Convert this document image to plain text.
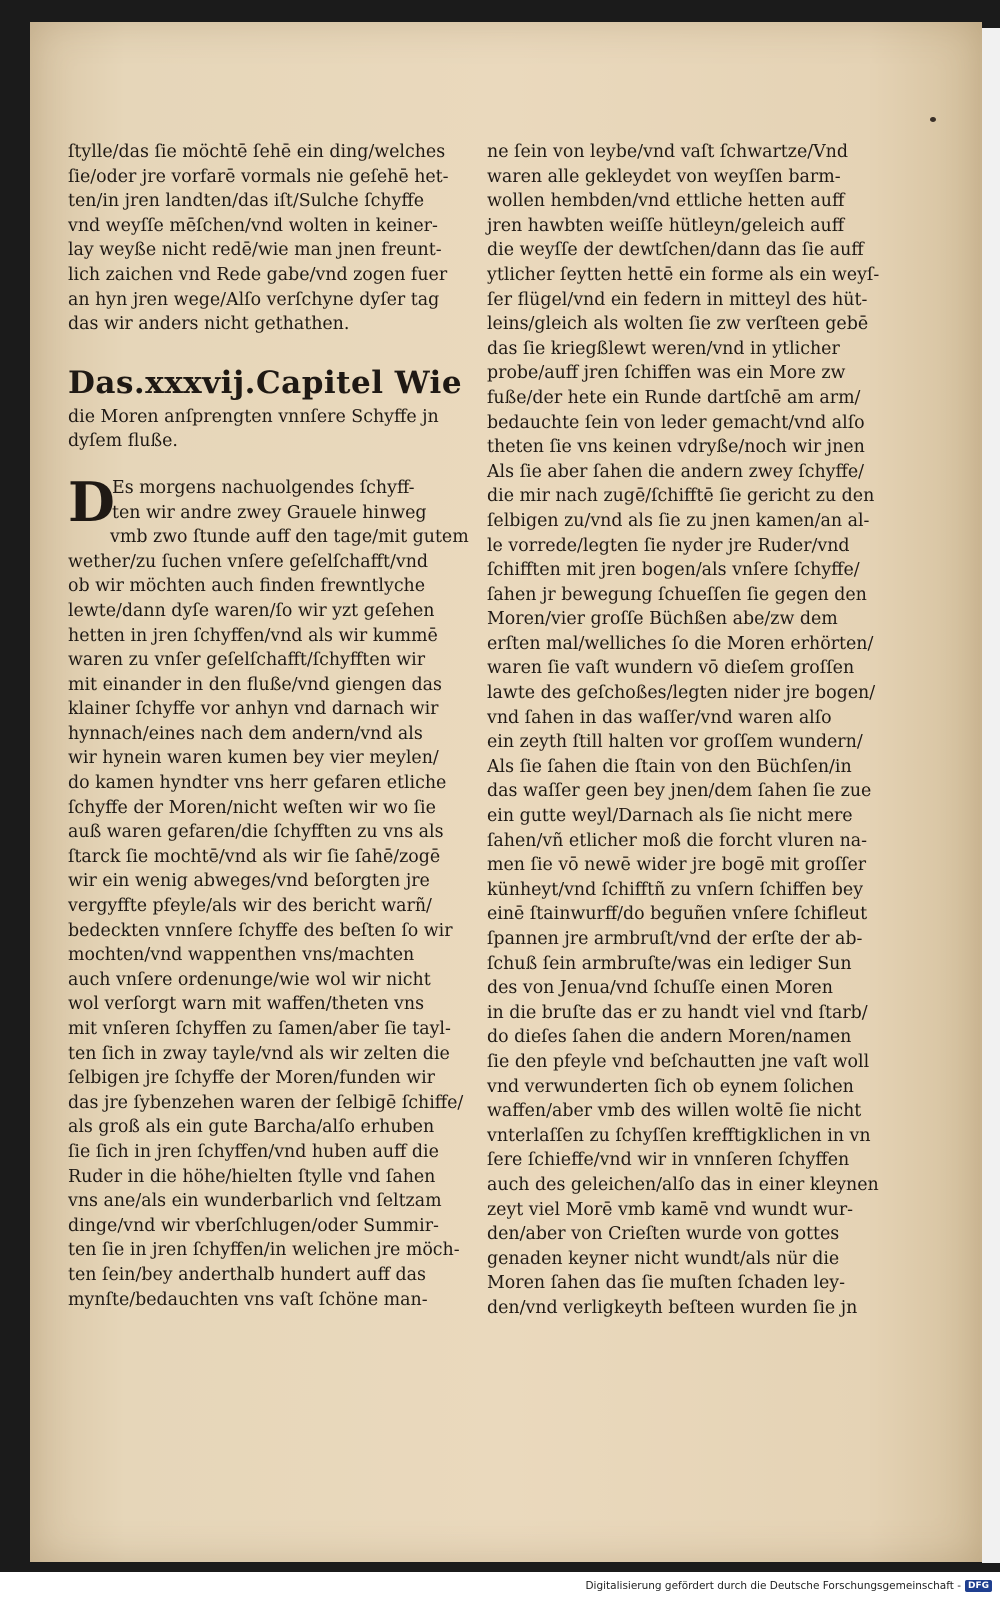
ſtylle/das ſie möchtē ſehē ein ding/welches
ſie/oder jre vorfarē vormals nie geſehē het-
ten/in jren landten/das iſt/Sulche ſchyffe
vnd weyſſe mēſchen/vnd wolten in keiner-
lay weyße nicht redē/wie man jnen freunt-
lich zaichen vnd Rede gabe/vnd zogen fuer
an hyn jren wege/Alſo verſchyne dyſer tag
das wir anders nicht gethathen.
Das.xxxvij.Capitel Wie
die Moren anſprengten vnnſere Schyffe jn
dyſem fluße.
D
Es morgens nachuolgendes ſchyff-
ten wir andre zwey Grauele hinweg
vmb zwo ſtunde auff den tage/mit gutem
wether/zu ſuchen vnſere geſelſchafft/vnd
ob wir möchten auch finden frewntlyche
lewte/dann dyſe waren/ſo wir yzt geſehen
hetten in jren ſchyffen/vnd als wir kummē
waren zu vnſer geſelſchafft/ſchyfften wir
mit einander in den fluße/vnd giengen das
klainer ſchyffe vor anhyn vnd darnach wir
hynnach/eines nach dem andern/vnd als
wir hynein waren kumen bey vier meylen/
do kamen hyndter vns herr gefaren etliche
ſchyffe der Moren/nicht weſten wir wo ſie
auß waren gefaren/die ſchyfften zu vns als
ſtarck ſie mochtē/vnd als wir ſie ſahē/zogē
wir ein wenig abweges/vnd beſorgten jre
vergyffte pfeyle/als wir des bericht warñ/
bedeckten vnnſere ſchyffe des beſten ſo wir
mochten/vnd wappenthen vns/machten
auch vnſere ordenunge/wie wol wir nicht
wol verſorgt warn mit waffen/theten vns
mit vnſeren ſchyffen zu ſamen/aber ſie tayl-
ten ſich in zway tayle/vnd als wir zelten die
ſelbigen jre ſchyffe der Moren/funden wir
das jre ſybenzehen waren der ſelbigē ſchiffe/
als groß als ein gute Barcha/alſo erhuben
ſie ſich in jren ſchyffen/vnd huben auff die
Ruder in die höhe/hielten ſtylle vnd ſahen
vns ane/als ein wunderbarlich vnd ſeltzam
dinge/vnd wir vberſchlugen/oder Summir-
ten ſie in jren ſchyffen/in welichen jre möch-
ten ſein/bey anderthalb hundert auff das
mynſte/bedauchten vns vaſt ſchöne man-
ne ſein von leybe/vnd vaſt ſchwartze/Vnd
waren alle gekleydet von weyſſen barm-
wollen hembden/vnd ettliche hetten auff
jren hawbten weiſſe hütleyn/geleich auff
die weyſſe der dewtſchen/dann das ſie auff
ytlicher ſeytten hettē ein forme als ein weyſ-
ſer flügel/vnd ein federn in mitteyl des hüt-
leins/gleich als wolten ſie zw verſteen gebē
das ſie kriegßlewt weren/vnd in ytlicher
probe/auff jren ſchiffen was ein More zw
fuße/der hete ein Runde dartſchē am arm/
bedauchte ſein von leder gemacht/vnd alſo
theten ſie vns keinen vdryße/noch wir jnen
Als ſie aber ſahen die andern zwey ſchyffe/
die mir nach zugē/ſchifftē ſie gericht zu den
ſelbigen zu/vnd als ſie zu jnen kamen/an al-
le vorrede/legten ſie nyder jre Ruder/vnd
ſchifften mit jren bogen/als vnſere ſchyffe/
ſahen jr bewegung ſchueſſen ſie gegen den
Moren/vier groſſe Büchßen abe/zw dem
erſten mal/welliches ſo die Moren erhörten/
waren ſie vaſt wundern vō dieſem groſſen
lawte des geſchoßes/legten nider jre bogen/
vnd ſahen in das waſſer/vnd waren alſo
ein zeyth ſtill halten vor groſſem wundern/
Als ſie ſahen die ſtain von den Büchſen/in
das waſſer geen bey jnen/dem ſahen ſie zue
ein gutte weyl/Darnach als ſie nicht mere
ſahen/vñ etlicher moß die forcht vluren na-
men ſie vō newē wider jre bogē mit groſſer
künheyt/vnd ſchifftñ zu vnſern ſchiffen bey
einē ſtainwurff/do beguñen vnſere ſchifleut
ſpannen jre armbruſt/vnd der erſte der ab-
ſchuß ſein armbruſte/was ein lediger Sun
des von Jenua/vnd ſchuſſe einen Moren
in die bruſte das er zu handt viel vnd ſtarb/
do dieſes ſahen die andern Moren/namen
ſie den pfeyle vnd beſchautten jne vaſt woll
vnd verwunderten ſich ob eynem ſolichen
waffen/aber vmb des willen woltē ſie nicht
vnterlaſſen zu ſchyſſen krefftigklichen in vn
ſere ſchieffe/vnd wir in vnnſeren ſchyffen
auch des geleichen/alſo das in einer kleynen
zeyt viel Morē vmb kamē vnd wundt wur-
den/aber von Crieſten wurde von gottes
genaden keyner nicht wundt/als nür die
Moren ſahen das ſie muſten ſchaden ley-
den/vnd verligkeyth beſteen wurden ſie jn
Digitalisierung gefördert durch die Deutsche Forschungsgemeinschaft - DFG
